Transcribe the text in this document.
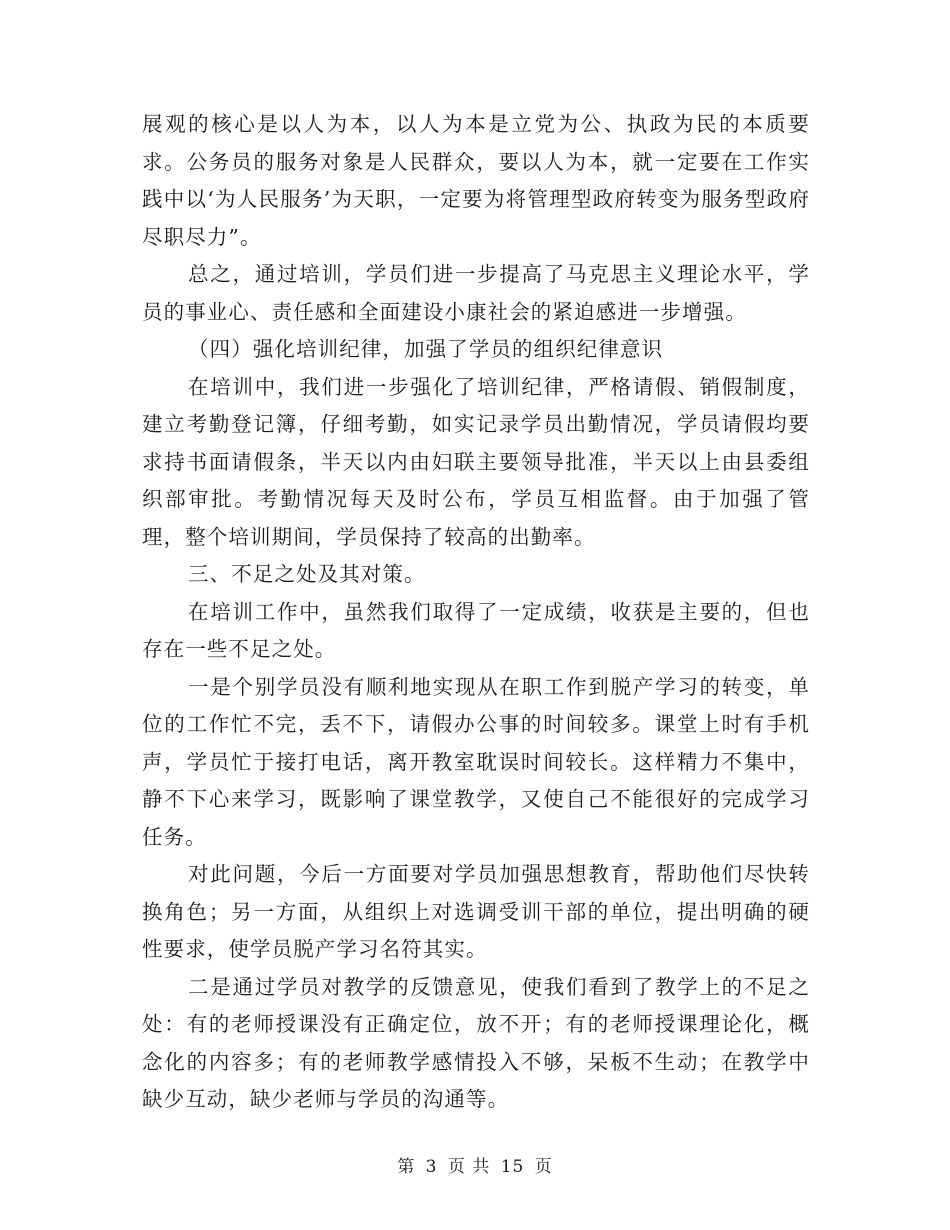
展观的核心是以人为本，以人为本是立党为公、执政为民的本质要求。公务员的服务对象是人民群众，要以人为本，就一定要在工作实践中以‘为人民服务’为天职，一定要为将管理型政府转变为服务型政府尽职尽力”。

总之，通过培训，学员们进一步提高了马克思主义理论水平，学员的事业心、责任感和全面建设小康社会的紧迫感进一步增强。

（四）强化培训纪律，加强了学员的组织纪律意识

在培训中，我们进一步强化了培训纪律，严格请假、销假制度，建立考勤登记簿，仔细考勤，如实记录学员出勤情况，学员请假均要求持书面请假条，半天以内由妇联主要领导批准，半天以上由县委组织部审批。考勤情况每天及时公布，学员互相监督。由于加强了管理，整个培训期间，学员保持了较高的出勤率。

三、不足之处及其对策。

在培训工作中，虽然我们取得了一定成绩，收获是主要的，但也存在一些不足之处。

一是个别学员没有顺利地实现从在职工作到脱产学习的转变，单位的工作忙不完，丢不下，请假办公事的时间较多。课堂上时有手机声，学员忙于接打电话，离开教室耽误时间较长。这样精力不集中，静不下心来学习，既影响了课堂教学，又使自己不能很好的完成学习任务。

对此问题，今后一方面要对学员加强思想教育，帮助他们尽快转换角色；另一方面，从组织上对选调受训干部的单位，提出明确的硬性要求，使学员脱产学习名符其实。

二是通过学员对教学的反馈意见，使我们看到了教学上的不足之处：有的老师授课没有正确定位，放不开；有的老师授课理论化，概念化的内容多；有的老师教学感情投入不够，呆板不生动；在教学中缺少互动，缺少老师与学员的沟通等。

第 3 页 共 15 页
